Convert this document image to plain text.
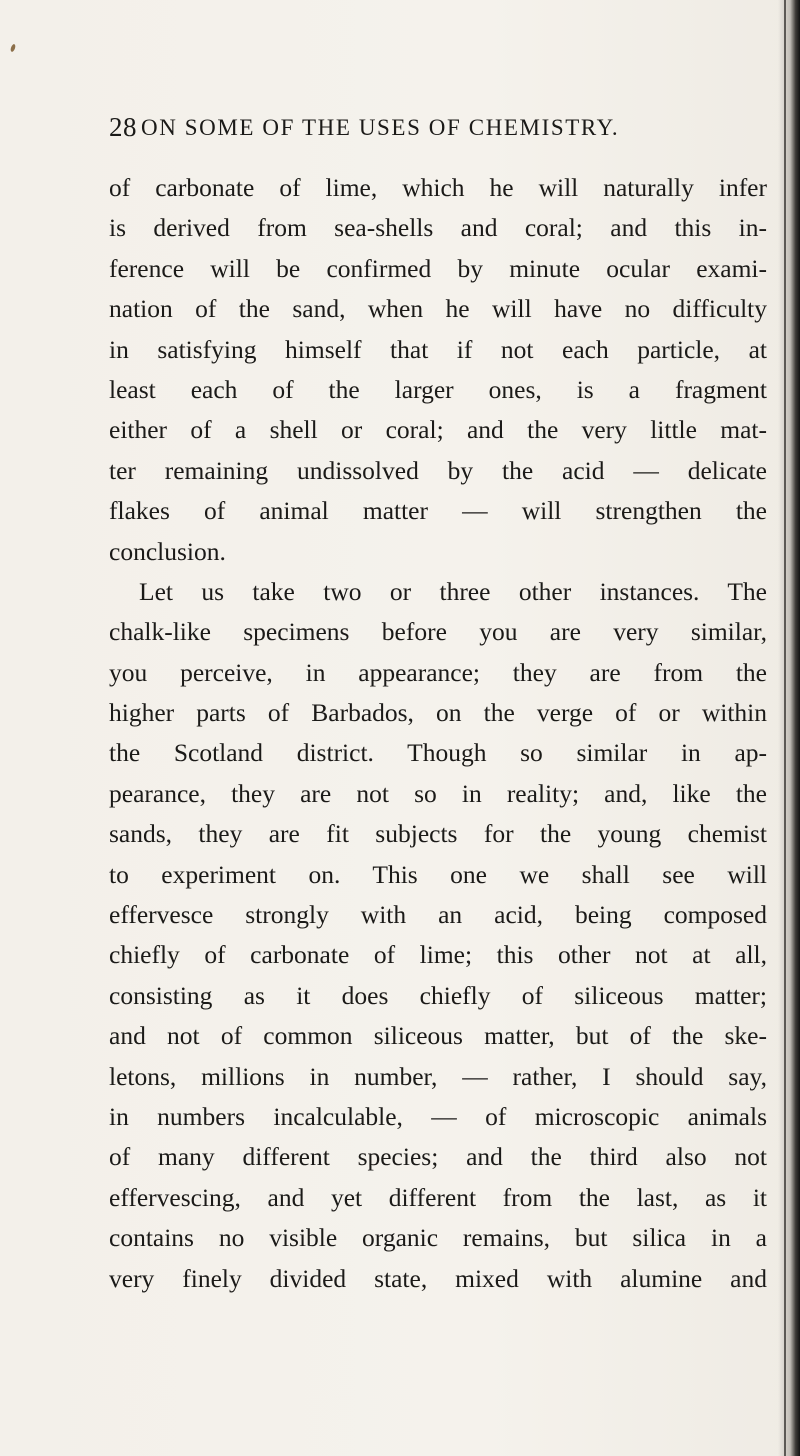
28 ON SOME OF THE USES OF CHEMISTRY.
of carbonate of lime, which he will naturally infer
is derived from sea-shells and coral; and this in-
ference will be confirmed by minute ocular exami-
nation of the sand, when he will have no difficulty
in satisfying himself that if not each particle, at
least each of the larger ones, is a fragment
either of a shell or coral; and the very little mat-
ter remaining undissolved by the acid — delicate
flakes of animal matter — will strengthen the
conclusion.
Let us take two or three other instances. The
chalk-like specimens before you are very similar,
you perceive, in appearance; they are from the
higher parts of Barbados, on the verge of or within
the Scotland district. Though so similar in ap-
pearance, they are not so in reality; and, like the
sands, they are fit subjects for the young chemist
to experiment on. This one we shall see will
effervesce strongly with an acid, being composed
chiefly of carbonate of lime; this other not at all,
consisting as it does chiefly of siliceous matter;
and not of common siliceous matter, but of the ske-
letons, millions in number, — rather, I should say,
in numbers incalculable, — of microscopic animals
of many different species; and the third also not
effervescing, and yet different from the last, as it
contains no visible organic remains, but silica in a
very finely divided state, mixed with alumine and
